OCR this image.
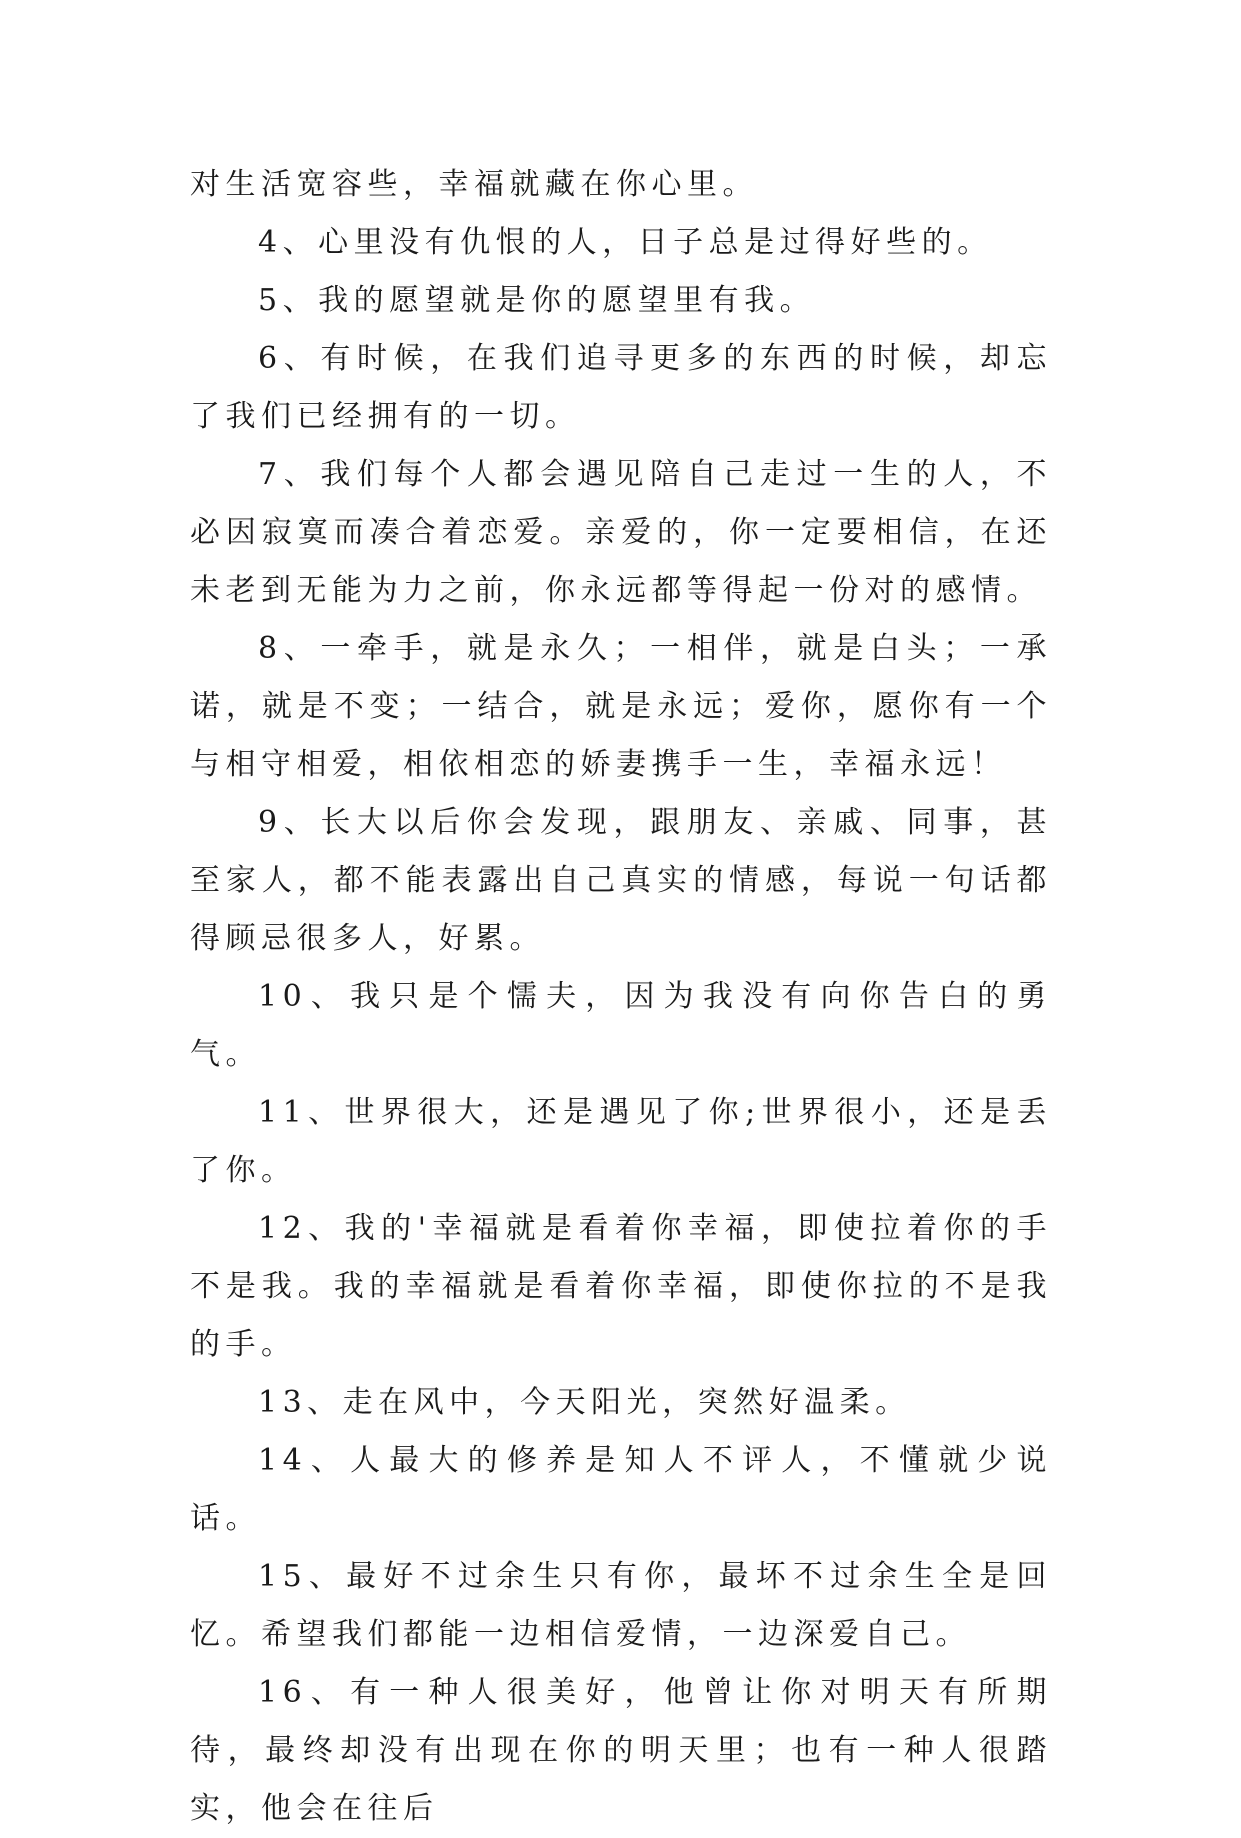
对生活宽容些，幸福就藏在你心里。

4、心里没有仇恨的人，日子总是过得好些的。

5、我的愿望就是你的愿望里有我。

6、有时候，在我们追寻更多的东西的时候，却忘了我们已经拥有的一切。

7、我们每个人都会遇见陪自己走过一生的人，不必因寂寞而凑合着恋爱。亲爱的，你一定要相信，在还未老到无能为力之前，你永远都等得起一份对的感情。

8、一牵手，就是永久；一相伴，就是白头；一承诺，就是不变；一结合，就是永远；爱你，愿你有一个与相守相爱，相依相恋的娇妻携手一生，幸福永远！

9、长大以后你会发现，跟朋友、亲戚、同事，甚至家人，都不能表露出自己真实的情感，每说一句话都得顾忌很多人，好累。

10、我只是个懦夫，因为我没有向你告白的勇气。

11、世界很大，还是遇见了你;世界很小，还是丢了你。

12、我的'幸福就是看着你幸福，即使拉着你的手不是我。我的幸福就是看着你幸福，即使你拉的不是我的手。

13、走在风中，今天阳光，突然好温柔。

14、人最大的修养是知人不评人，不懂就少说话。

15、最好不过余生只有你，最坏不过余生全是回忆。希望我们都能一边相信爱情，一边深爱自己。

16、有一种人很美好，他曾让你对明天有所期待，最终却没有出现在你的明天里；也有一种人很踏实，他会在往后
